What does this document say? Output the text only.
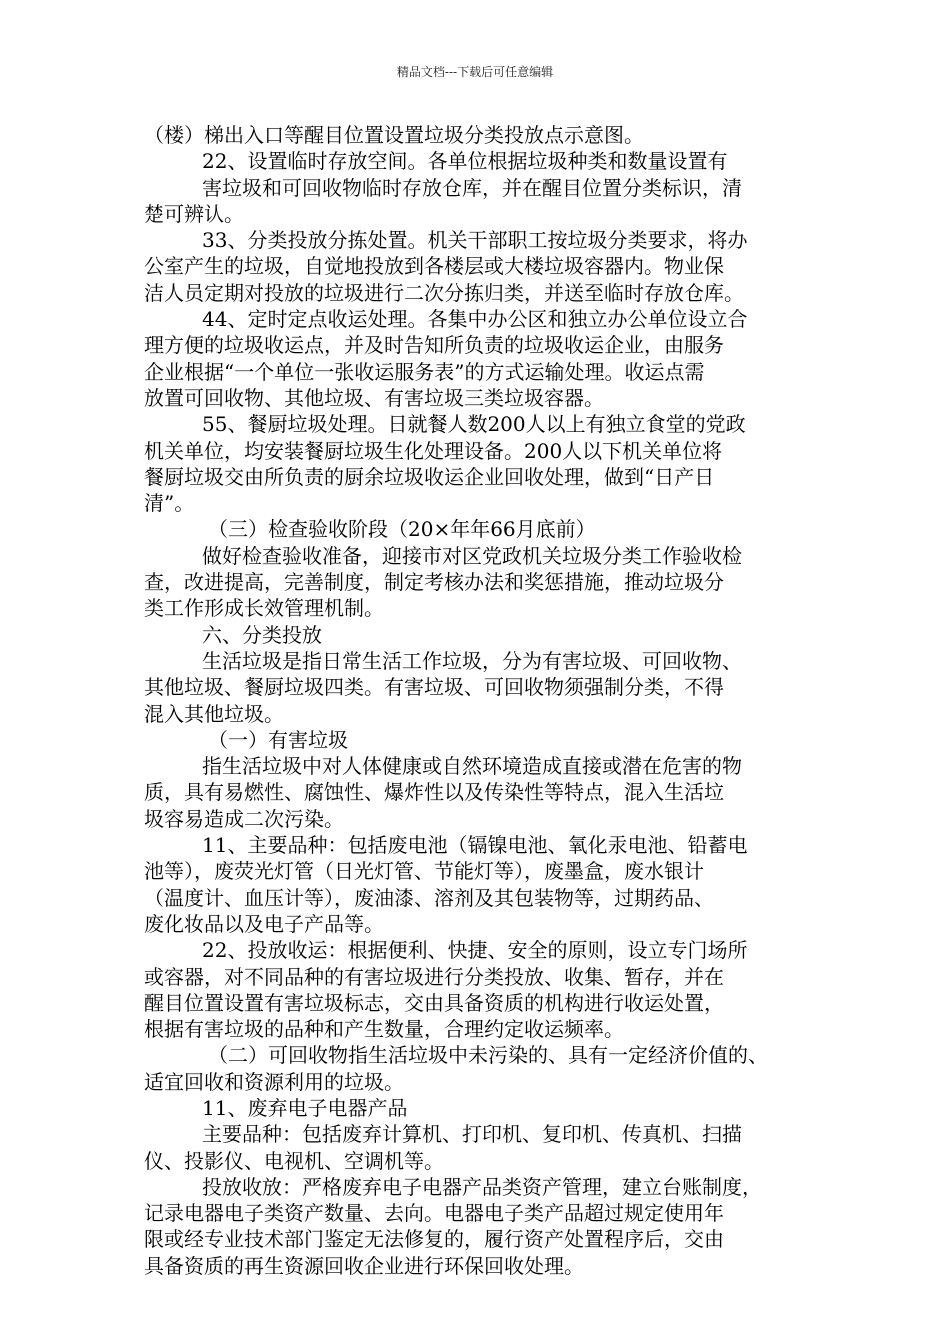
精品文档---下载后可任意编辑
（楼）梯出入口等醒目位置设置垃圾分类投放点示意图。
22、设置临时存放空间。各单位根据垃圾种类和数量设置有
害垃圾和可回收物临时存放仓库，并在醒目位置分类标识，清
楚可辨认。
33、分类投放分拣处置。机关干部职工按垃圾分类要求，将办
公室产生的垃圾，自觉地投放到各楼层或大楼垃圾容器内。物业保
洁人员定期对投放的垃圾进行二次分拣归类，并送至临时存放仓库。
44、定时定点收运处理。各集中办公区和独立办公单位设立合
理方便的垃圾收运点，并及时告知所负责的垃圾收运企业，由服务
企业根据“一个单位一张收运服务表”的方式运输处理。收运点需
放置可回收物、其他垃圾、有害垃圾三类垃圾容器。
55、餐厨垃圾处理。日就餐人数200人以上有独立食堂的党政
机关单位，均安装餐厨垃圾生化处理设备。200人以下机关单位将
餐厨垃圾交由所负责的厨余垃圾收运企业回收处理，做到“日产日
清”。
（三）检查验收阶段（20×年年66月底前）
做好检查验收准备，迎接市对区党政机关垃圾分类工作验收检
查，改进提高，完善制度，制定考核办法和奖惩措施，推动垃圾分
类工作形成长效管理机制。
六、分类投放
生活垃圾是指日常生活工作垃圾，分为有害垃圾、可回收物、
其他垃圾、餐厨垃圾四类。有害垃圾、可回收物须强制分类，不得
混入其他垃圾。
（一）有害垃圾
指生活垃圾中对人体健康或自然环境造成直接或潜在危害的物
质，具有易燃性、腐蚀性、爆炸性以及传染性等特点，混入生活垃
圾容易造成二次污染。
11、主要品种：包括废电池（镉镍电池、氧化汞电池、铅蓄电
池等），废荧光灯管（日光灯管、节能灯等），废墨盒，废水银计
（温度计、血压计等），废油漆、溶剂及其包装物等，过期药品、
废化妆品以及电子产品等。
22、投放收运：根据便利、快捷、安全的原则，设立专门场所
或容器，对不同品种的有害垃圾进行分类投放、收集、暂存，并在
醒目位置设置有害垃圾标志，交由具备资质的机构进行收运处置，
根据有害垃圾的品种和产生数量，合理约定收运频率。
（二）可回收物指生活垃圾中未污染的、具有一定经济价值的、
适宜回收和资源利用的垃圾。
11、废弃电子电器产品
主要品种：包括废弃计算机、打印机、复印机、传真机、扫描
仪、投影仪、电视机、空调机等。
投放收放：严格废弃电子电器产品类资产管理，建立台账制度，
记录电器电子类资产数量、去向。电器电子类产品超过规定使用年
限或经专业技术部门鉴定无法修复的，履行资产处置程序后，交由
具备资质的再生资源回收企业进行环保回收处理。
